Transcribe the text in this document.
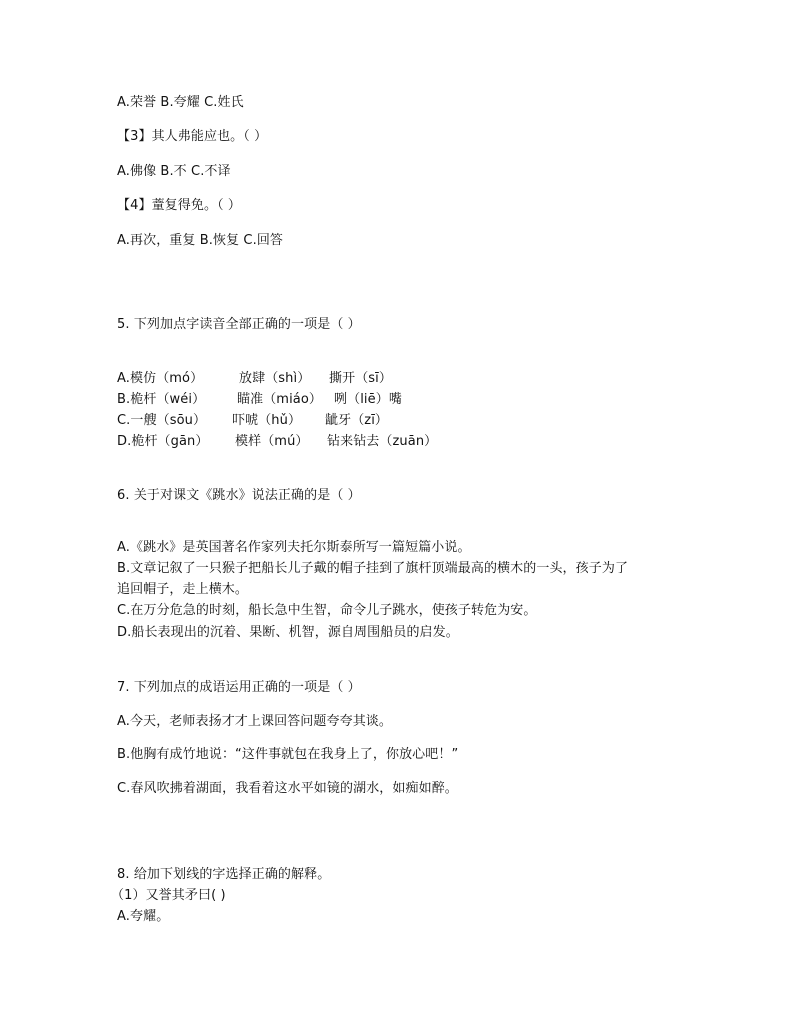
A.荣誉 B.夸耀 C.姓氏
【3】其人弗能应也。（ ）
A.佛像 B.不 C.不译
【4】蕫复得免。（ ）
A.再次，重复 B.恢复 C.回答
5. 下列加点字读音全部正确的一项是（ ）
A.模仿（mó）	放肆（shì） 撕开（sī）
B.桅杆（wéi） 瞄准（miáo） 咧（liē）嘴
C.一艘（sōu） 吓唬（hǔ） 龇牙（zī）
D.桅杆（gān） 模样（mú） 钻来钻去（zuān）
6. 关于对课文《跳水》说法正确的是（ ）
A.《跳水》是英国著名作家列夫托尔斯泰所写一篇短篇小说。
B.文章记叙了一只猴子把船长儿子戴的帽子挂到了旗杆顶端最高的横木的一头，孩子为了
追回帽子，走上横木。
C.在万分危急的时刻，船长急中生智，命令儿子跳水，使孩子转危为安。
D.船长表现出的沉着、果断、机智，源自周围船员的启发。
7. 下列加点的成语运用正确的一项是（ ）
A.今天，老师表扬才才上课回答问题夸夸其谈。
B.他胸有成竹地说：“这件事就包在我身上了，你放心吧！”
C.春风吹拂着湖面，我看着这水平如镜的湖水，如痴如醉。
8. 给加下划线的字选择正确的解释。
（1）又誉其矛曰( )
A.夸耀。
